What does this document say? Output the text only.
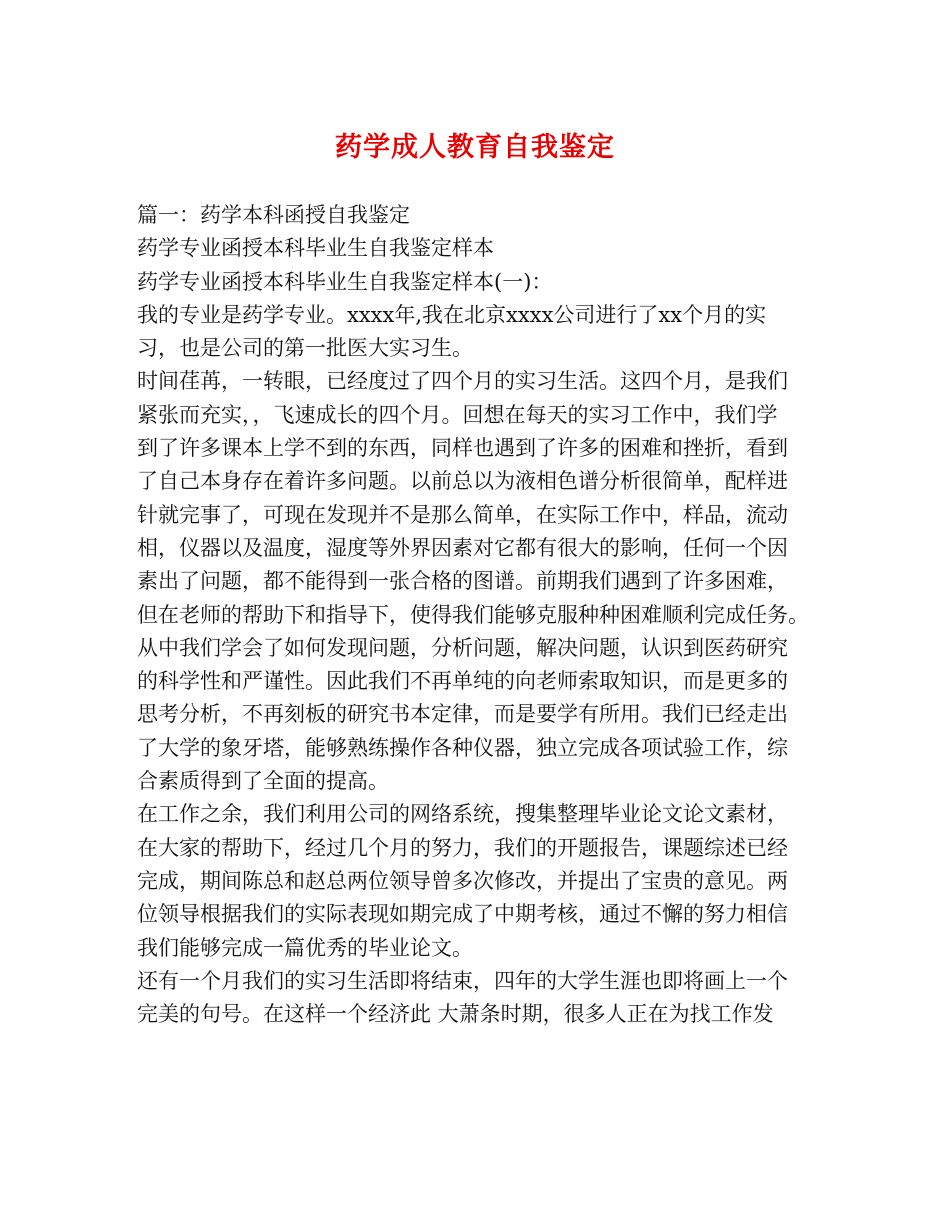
药学成人教育自我鉴定
篇一：药学本科函授自我鉴定
药学专业函授本科毕业生自我鉴定样本
药学专业函授本科毕业生自我鉴定样本(一)：
我的专业是药学专业。xxxx年,我在北京xxxx公司进行了xx个月的实
习，也是公司的第一批医大实习生。
时间荏苒，一转眼，已经度过了四个月的实习生活。这四个月，是我们
紧张而充实，，飞速成长的四个月。回想在每天的实习工作中，我们学
到了许多课本上学不到的东西，同样也遇到了许多的困难和挫折，看到
了自己本身存在着许多问题。以前总以为液相色谱分析很简单，配样进
针就完事了，可现在发现并不是那么简单，在实际工作中，样品，流动
相，仪器以及温度，湿度等外界因素对它都有很大的影响，任何一个因
素出了问题，都不能得到一张合格的图谱。前期我们遇到了许多困难，
但在老师的帮助下和指导下，使得我们能够克服种种困难顺利完成任务。
从中我们学会了如何发现问题，分析问题，解决问题，认识到医药研究
的科学性和严谨性。因此我们不再单纯的向老师索取知识，而是更多的
思考分析，不再刻板的研究书本定律，而是要学有所用。我们已经走出
了大学的象牙塔，能够熟练操作各种仪器，独立完成各项试验工作，综
合素质得到了全面的提高。
在工作之余，我们利用公司的网络系统，搜集整理毕业论文论文素材，
在大家的帮助下，经过几个月的努力，我们的开题报告，课题综述已经
完成，期间陈总和赵总两位领导曾多次修改，并提出了宝贵的意见。两
位领导根据我们的实际表现如期完成了中期考核，通过不懈的努力相信
我们能够完成一篇优秀的毕业论文。
还有一个月我们的实习生活即将结束，四年的大学生涯也即将画上一个
完美的句号。在这样一个经济此 大萧条时期，很多人正在为找工作发
